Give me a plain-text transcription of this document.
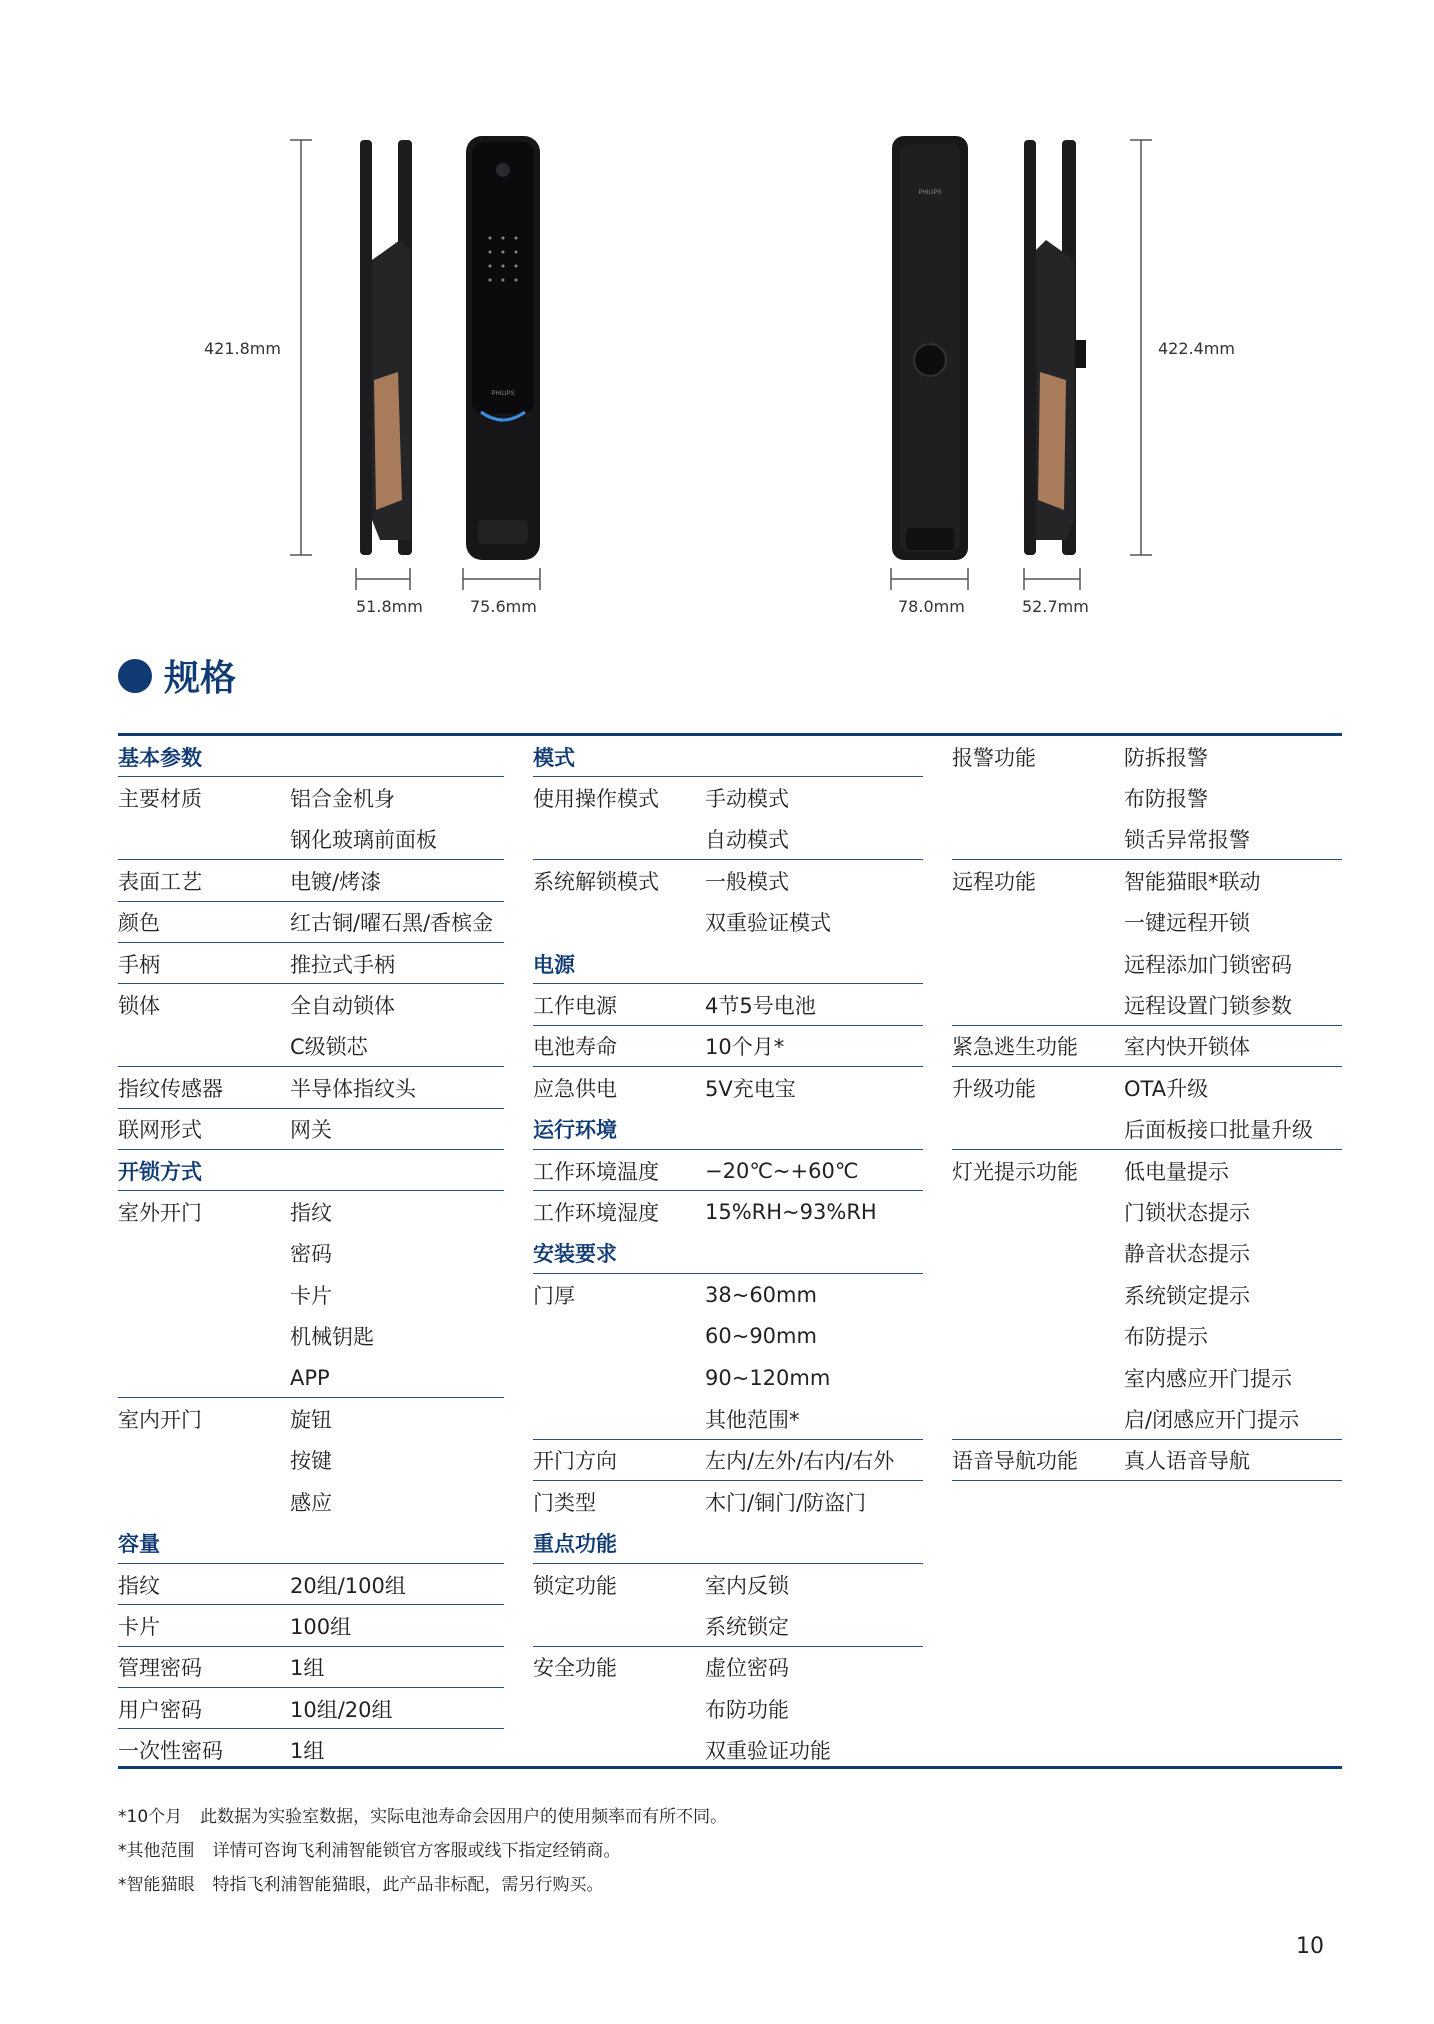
PHILIPS
PHILIPS
421.8mm	422.4mm
51.8mm	75.6mm	78.0mm	52.7mm
规格
基本参数
主要材质	铝合金机身
钢化玻璃前面板
表面工艺	电镀/烤漆
颜色	红古铜/曜石黑/香槟金
手柄	推拉式手柄
锁体	全自动锁体
C级锁芯
指纹传感器	半导体指纹头
联网形式	网关
开锁方式
室外开门	指纹
密码
卡片
机械钥匙
APP
室内开门	旋钮
按键
感应
容量
指纹	20组/100组
卡片	100组
管理密码	1组
用户密码	10组/20组
一次性密码	1组
模式
使用操作模式	手动模式
自动模式
系统解锁模式	一般模式
双重验证模式
电源
工作电源	4节5号电池
电池寿命	10个月*
应急供电	5V充电宝
运行环境
工作环境温度	−20℃~+60℃
工作环境湿度	15%RH~93%RH
安装要求
门厚	38~60mm
60~90mm
90~120mm
其他范围*
开门方向	左内/左外/右内/右外
门类型	木门/铜门/防盗门
重点功能
锁定功能	室内反锁
系统锁定
安全功能	虚位密码
布防功能
双重验证功能
报警功能	防拆报警
布防报警
锁舌异常报警
远程功能	智能猫眼*联动
一键远程开锁
远程添加门锁密码
远程设置门锁参数
紧急逃生功能	室内快开锁体
升级功能	OTA升级
后面板接口批量升级
灯光提示功能	低电量提示
门锁状态提示
静音状态提示
系统锁定提示
布防提示
室内感应开门提示
启/闭感应开门提示
语音导航功能	真人语音导航
*10个月 此数据为实验室数据，实际电池寿命会因用户的使用频率而有所不同。
*其他范围 详情可咨询飞利浦智能锁官方客服或线下指定经销商。
*智能猫眼 特指飞利浦智能猫眼，此产品非标配，需另行购买。
10
